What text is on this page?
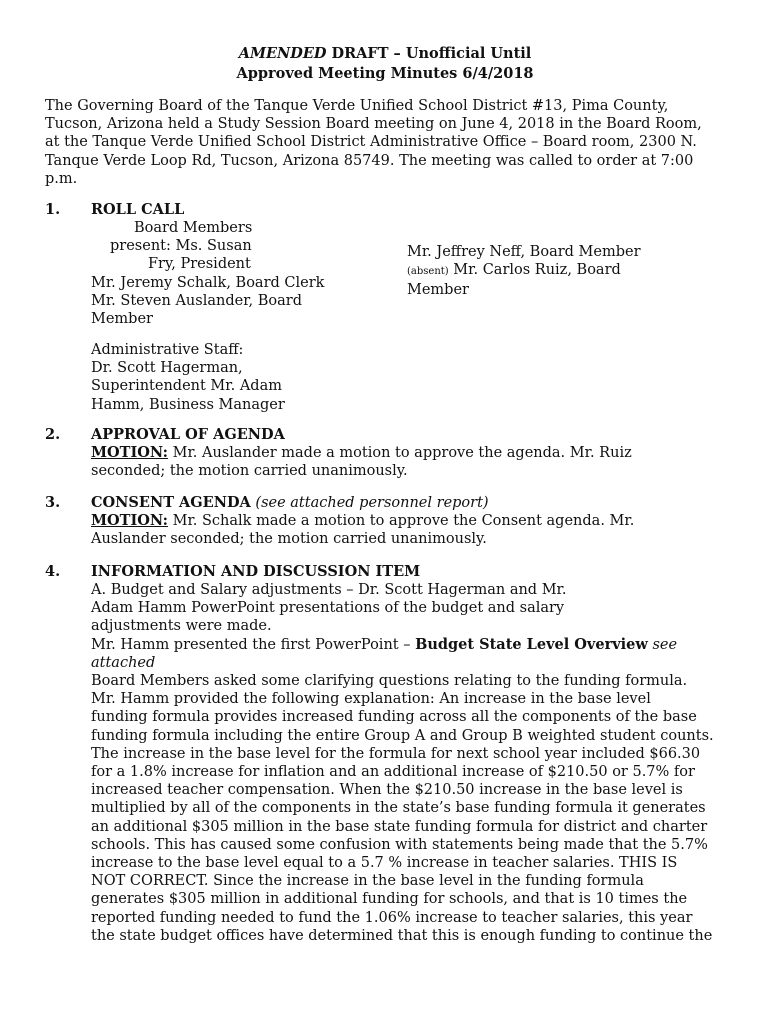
AMENDED DRAFT – Unofficial Until
Approved Meeting Minutes 6/4/2018
The Governing Board of the Tanque Verde Unified School District #13, Pima County,
Tucson, Arizona held a Study Session Board meeting on June 4, 2018 in the Board Room,
at the Tanque Verde Unified School District Administrative Office – Board room, 2300 N.
Tanque Verde Loop Rd, Tucson, Arizona 85749. The meeting was called to order at 7:00
p.m.
1. ROLL CALL
Board Members
present: Ms. Susan
Fry, President
Mr. Jeremy Schalk, Board Clerk
Mr. Steven Auslander, Board
Member
Mr. Jeffrey Neff, Board Member
(absent) Mr. Carlos Ruiz, Board
Member
Administrative Staff:
Dr. Scott Hagerman,
Superintendent Mr. Adam
Hamm, Business Manager
2. APPROVAL OF AGENDA
MOTION: Mr. Auslander made a motion to approve the agenda. Mr. Ruiz
seconded; the motion carried unanimously.
3. CONSENT AGENDA (see attached personnel report)
MOTION: Mr. Schalk made a motion to approve the Consent agenda. Mr.
Auslander seconded; the motion carried unanimously.
4. INFORMATION AND DISCUSSION ITEM
A. Budget and Salary adjustments – Dr. Scott Hagerman and Mr.
Adam Hamm PowerPoint presentations of the budget and salary
adjustments were made.
Mr. Hamm presented the first PowerPoint – Budget State Level Overview see
attached
Board Members asked some clarifying questions relating to the funding formula.
Mr. Hamm provided the following explanation: An increase in the base level
funding formula provides increased funding across all the components of the base
funding formula including the entire Group A and Group B weighted student counts.
The increase in the base level for the formula for next school year included $66.30
for a 1.8% increase for inflation and an additional increase of $210.50 or 5.7% for
increased teacher compensation. When the $210.50 increase in the base level is
multiplied by all of the components in the state’s base funding formula it generates
an additional $305 million in the base state funding formula for district and charter
schools. This has caused some confusion with statements being made that the 5.7%
increase to the base level equal to a 5.7 % increase in teacher salaries. THIS IS
NOT CORRECT. Since the increase in the base level in the funding formula
generates $305 million in additional funding for schools, and that is 10 times the
reported funding needed to fund the 1.06% increase to teacher salaries, this year
the state budget offices have determined that this is enough funding to continue the
